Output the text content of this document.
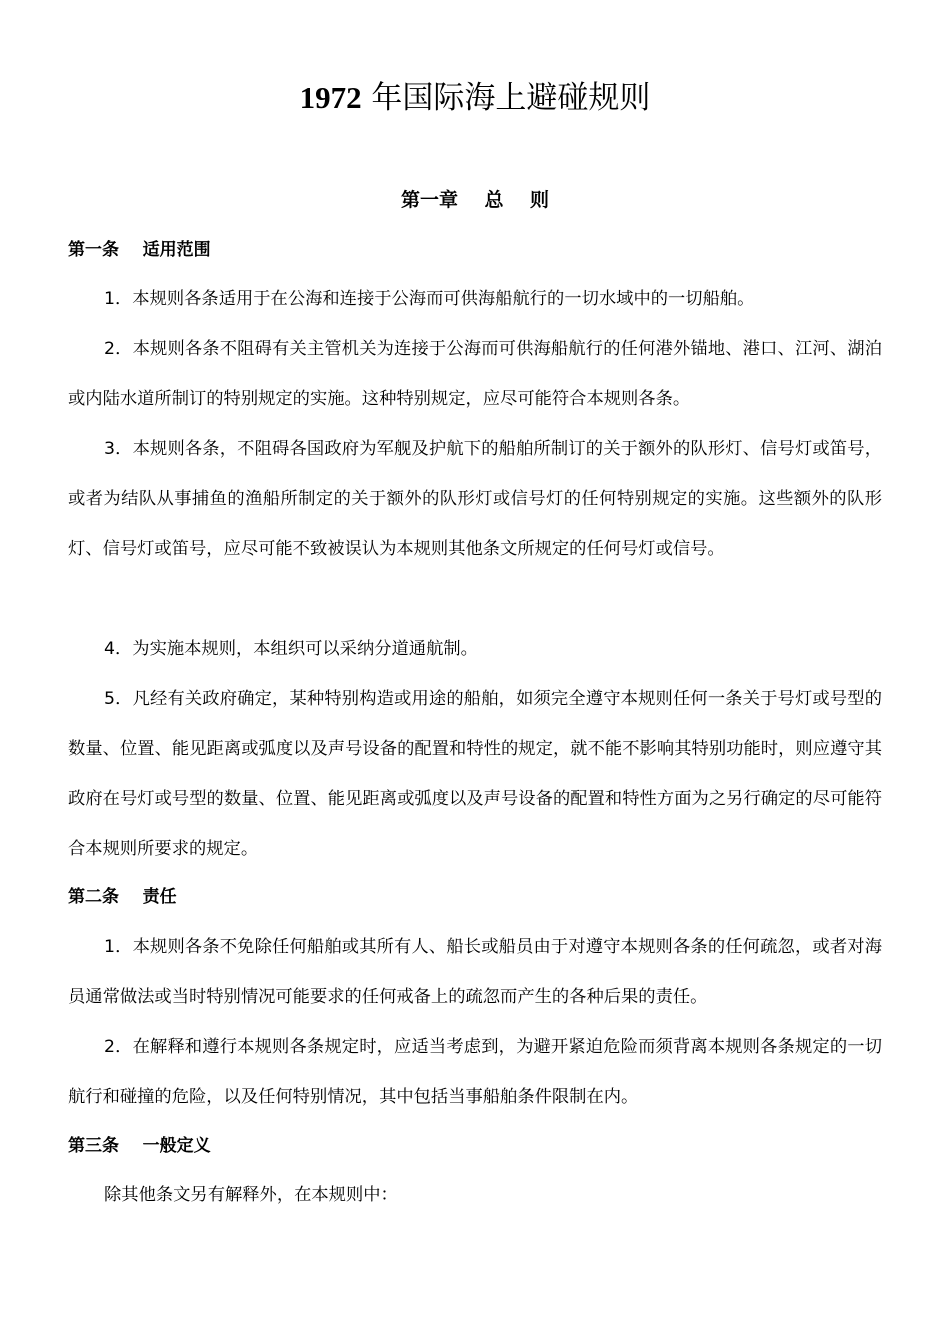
1972 年国际海上避碰规则
第一章    总    则
第一条    适用范围

1．本规则各条适用于在公海和连接于公海而可供海船航行的一切水域中的一切船舶。

2．本规则各条不阻碍有关主管机关为连接于公海而可供海船航行的任何港外锚地、港口、江河、湖泊或内陆水道所制订的特别规定的实施。这种特别规定，应尽可能符合本规则各条。

3．本规则各条，不阻碍各国政府为军舰及护航下的船舶所制订的关于额外的队形灯、信号灯或笛号，或者为结队从事捕鱼的渔船所制定的关于额外的队形灯或信号灯的任何特别规定的实施。这些额外的队形灯、信号灯或笛号，应尽可能不致被误认为本规则其他条文所规定的任何号灯或信号。

4．为实施本规则，本组织可以采纳分道通航制。

5．凡经有关政府确定，某种特别构造或用途的船舶，如须完全遵守本规则任何一条关于号灯或号型的数量、位置、能见距离或弧度以及声号设备的配置和特性的规定，就不能不影响其特别功能时，则应遵守其政府在号灯或号型的数量、位置、能见距离或弧度以及声号设备的配置和特性方面为之另行确定的尽可能符合本规则所要求的规定。

第二条    责任

1．本规则各条不免除任何船舶或其所有人、船长或船员由于对遵守本规则各条的任何疏忽，或者对海员通常做法或当时特别情况可能要求的任何戒备上的疏忽而产生的各种后果的责任。

2．在解释和遵行本规则各条规定时，应适当考虑到，为避开紧迫危险而须背离本规则各条规定的一切航行和碰撞的危险，以及任何特别情况，其中包括当事船舶条件限制在内。

第三条    一般定义

除其他条文另有解释外，在本规则中：
